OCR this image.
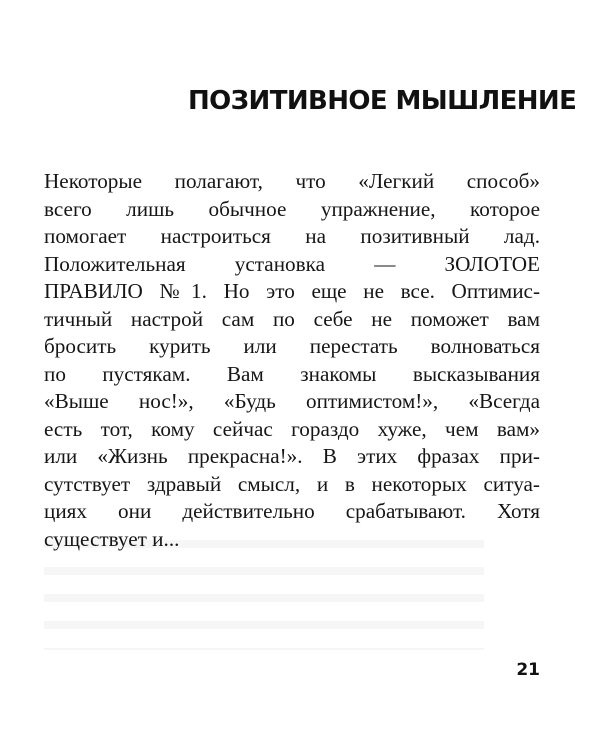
ПОЗИТИВНОЕ МЫШЛЕНИЕ
Некоторые полагают, что «Легкий способ»
всего лишь обычное упражнение, которое
помогает настроиться на позитивный лад.
Положительная установка — ЗОЛОТОЕ
ПРАВИЛО №1. Но это еще не все. Оптимис-
тичный настрой сам по себе не поможет вам
бросить курить или перестать волноваться
по пустякам. Вам знакомы высказывания
«Выше нос!», «Будь оптимистом!», «Всегда
есть тот, кому сейчас гораздо хуже, чем вам»
или «Жизнь прекрасна!». В этих фразах при-
сутствует здравый смысл, и в некоторых ситуа-
циях они действительно срабатывают. Хотя
существует и...
21
